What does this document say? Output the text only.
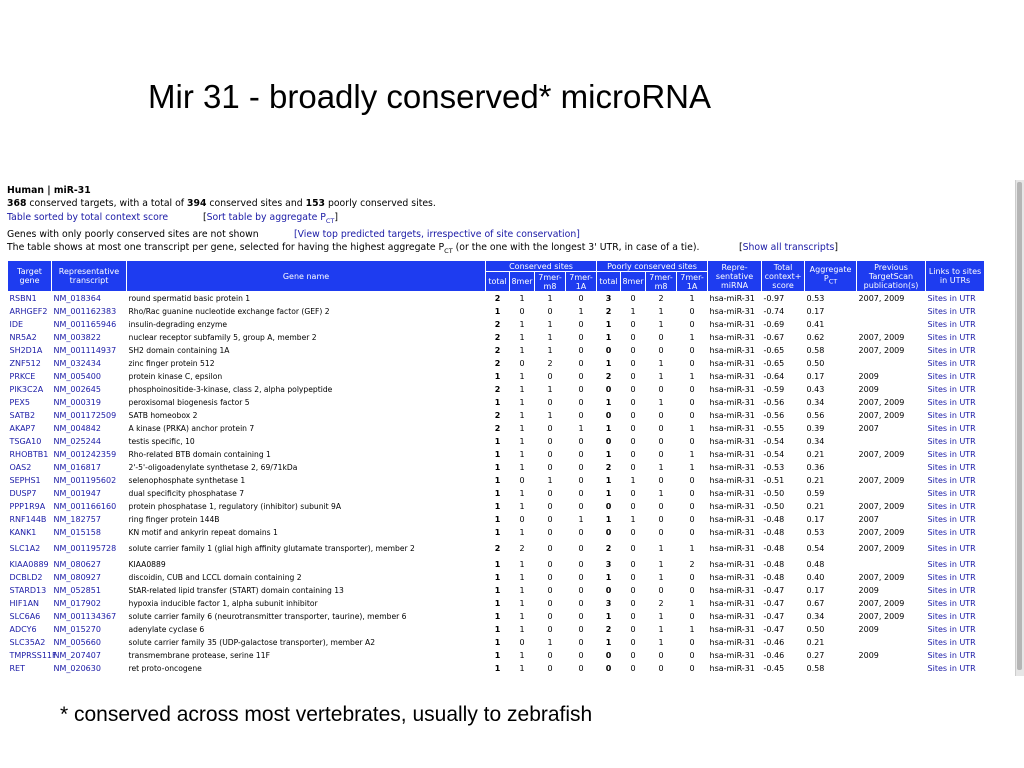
Mir 31 - broadly conserved* microRNA
Human | miR-31
368 conserved targets, with a total of 394 conserved sites and 153 poorly conserved sites.
Table sorted by total context score	[Sort table by aggregate $P_{CT}$]
Genes with only poorly conserved sites are not shown	[View top predicted targets, irrespective of site conservation]
The table shows at most one transcript per gene, selected for having the highest aggregate $P_{CT}$ (or the one with the longest 3' UTR, in case of a tie).	[Show all transcripts]
Target gene	Representative transcript	Gene name	Conserved sites				Poorly conserved sites				Repre-sentative miRNA	Total context+ score	Aggregate $P_{CT}$	Previous TargetScan publication(s)	Links to sites in UTRs
			total	8mer	7mer-m8	7mer-1A	total	8mer	7mer-m8	7mer-1A					
RSBN1	NM_018364	round spermatid basic protein 1	2	1	1	0	3	0	2	1	hsa-miR-31	-0.97	0.53	2007, 2009	Sites in UTR
ARHGEF2	NM_001162383	Rho/Rac guanine nucleotide exchange factor (GEF) 2	1	0	0	1	2	1	1	0	hsa-miR-31	-0.74	0.17		Sites in UTR
IDE	NM_001165946	insulin-degrading enzyme	2	1	1	0	1	0	1	0	hsa-miR-31	-0.69	0.41		Sites in UTR
NR5A2	NM_003822	nuclear receptor subfamily 5, group A, member 2	2	1	1	0	1	0	0	1	hsa-miR-31	-0.67	0.62	2007, 2009	Sites in UTR
SH2D1A	NM_001114937	SH2 domain containing 1A	2	1	1	0	0	0	0	0	hsa-miR-31	-0.65	0.58	2007, 2009	Sites in UTR
ZNF512	NM_032434	zinc finger protein 512	2	0	2	0	1	0	1	0	hsa-miR-31	-0.65	0.50		Sites in UTR
PRKCE	NM_005400	protein kinase C, epsilon	1	1	0	0	2	0	1	1	hsa-miR-31	-0.64	0.17	2009	Sites in UTR
PIK3C2A	NM_002645	phosphoinositide-3-kinase, class 2, alpha polypeptide	2	1	1	0	0	0	0	0	hsa-miR-31	-0.59	0.43	2009	Sites in UTR
PEX5	NM_000319	peroxisomal biogenesis factor 5	1	1	0	0	1	0	1	0	hsa-miR-31	-0.56	0.34	2007, 2009	Sites in UTR
SATB2	NM_001172509	SATB homeobox 2	2	1	1	0	0	0	0	0	hsa-miR-31	-0.56	0.56	2007, 2009	Sites in UTR
AKAP7	NM_004842	A kinase (PRKA) anchor protein 7	2	1	0	1	1	0	0	1	hsa-miR-31	-0.55	0.39	2007	Sites in UTR
TSGA10	NM_025244	testis specific, 10	1	1	0	0	0	0	0	0	hsa-miR-31	-0.54	0.34		Sites in UTR
RHOBTB1	NM_001242359	Rho-related BTB domain containing 1	1	1	0	0	1	0	0	1	hsa-miR-31	-0.54	0.21	2007, 2009	Sites in UTR
OAS2	NM_016817	2'-5'-oligoadenylate synthetase 2, 69/71kDa	1	1	0	0	2	0	1	1	hsa-miR-31	-0.53	0.36		Sites in UTR
SEPHS1	NM_001195602	selenophosphate synthetase 1	1	0	1	0	1	1	0	0	hsa-miR-31	-0.51	0.21	2007, 2009	Sites in UTR
DUSP7	NM_001947	dual specificity phosphatase 7	1	1	0	0	1	0	1	0	hsa-miR-31	-0.50	0.59		Sites in UTR
PPP1R9A	NM_001166160	protein phosphatase 1, regulatory (inhibitor) subunit 9A	1	1	0	0	0	0	0	0	hsa-miR-31	-0.50	0.21	2007, 2009	Sites in UTR
RNF144B	NM_182757	ring finger protein 144B	1	0	0	1	1	1	0	0	hsa-miR-31	-0.48	0.17	2007	Sites in UTR
KANK1	NM_015158	KN motif and ankyrin repeat domains 1	1	1	0	0	0	0	0	0	hsa-miR-31	-0.48	0.53	2007, 2009	Sites in UTR
SLC1A2	NM_001195728	solute carrier family 1 (glial high affinity glutamate transporter), member 2	2	2	0	0	2	0	1	1	hsa-miR-31	-0.48	0.54	2007, 2009	Sites in UTR
KIAA0889	NM_080627	KIAA0889	1	1	0	0	3	0	1	2	hsa-miR-31	-0.48	0.48		Sites in UTR
DCBLD2	NM_080927	discoidin, CUB and LCCL domain containing 2	1	1	0	0	1	0	1	0	hsa-miR-31	-0.48	0.40	2007, 2009	Sites in UTR
STARD13	NM_052851	StAR-related lipid transfer (START) domain containing 13	1	1	0	0	0	0	0	0	hsa-miR-31	-0.47	0.17	2009	Sites in UTR
HIF1AN	NM_017902	hypoxia inducible factor 1, alpha subunit inhibitor	1	1	0	0	3	0	2	1	hsa-miR-31	-0.47	0.67	2007, 2009	Sites in UTR
SLC6A6	NM_001134367	solute carrier family 6 (neurotransmitter transporter, taurine), member 6	1	1	0	0	1	0	1	0	hsa-miR-31	-0.47	0.34	2007, 2009	Sites in UTR
ADCY6	NM_015270	adenylate cyclase 6	1	1	0	0	2	0	1	1	hsa-miR-31	-0.47	0.50	2009	Sites in UTR
SLC35A2	NM_005660	solute carrier family 35 (UDP-galactose transporter), member A2	1	0	1	0	1	0	1	0	hsa-miR-31	-0.46	0.21		Sites in UTR
TMPRSS11F	NM_207407	transmembrane protease, serine 11F	1	1	0	0	0	0	0	0	hsa-miR-31	-0.46	0.27	2009	Sites in UTR
RET	NM_020630	ret proto-oncogene	1	1	0	0	0	0	0	0	hsa-miR-31	-0.45	0.58		Sites in UTR
* conserved across most vertebrates, usually to zebrafish
